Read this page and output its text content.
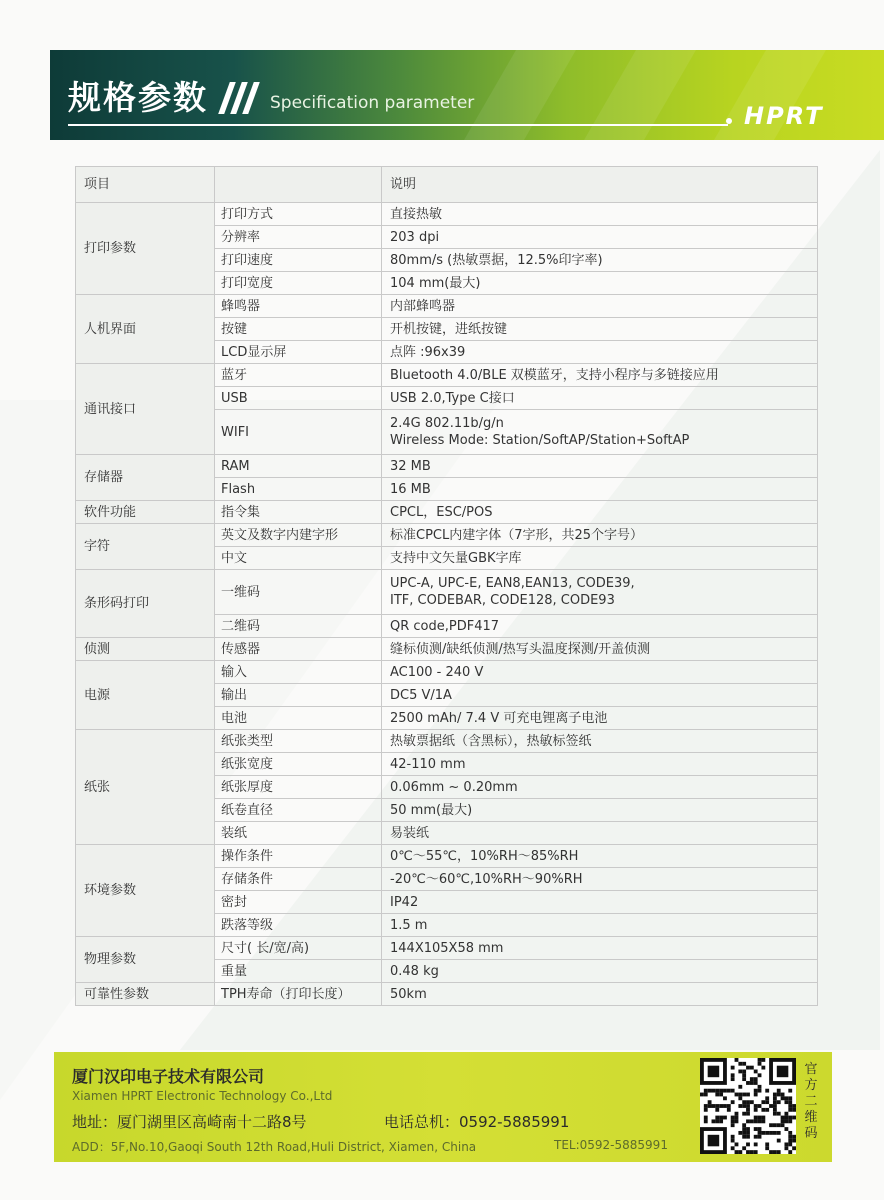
规格参数	Specification parameter	HPRT
项目		说明
打印参数	打印方式	直接热敏

	分辨率	203 dpi

	打印速度	80mm/s (热敏票据，12.5%印字率)

	打印宽度	104 mm(最大)

人机界面	蜂鸣器	内部蜂鸣器

	按键	开机按键，进纸按键

	LCD显示屏	点阵 :96x39

通讯接口	蓝牙	Bluetooth 4.0/BLE 双模蓝牙，支持小程序与多链接应用

	USB	USB 2.0,Type C接口

	WIFI	2.4G 802.11b/g/n
Wireless Mode: Station/SoftAP/Station+SoftAP

存储器	RAM	32 MB

	Flash	16 MB

软件功能	指令集	CPCL，ESC/POS

字符	英文及数字内建字形	标准CPCL内建字体（7字形，共25个字号）

	中文	支持中文矢量GBK字库

条形码打印	一维码	UPC-A, UPC-E, EAN8,EAN13, CODE39,
ITF, CODEBAR, CODE128, CODE93

	二维码	QR code,PDF417

侦测	传感器	缝标侦测/缺纸侦测/热写头温度探测/开盖侦测

电源	输入	AC100 - 240 V

	输出	DC5 V/1A

	电池	2500 mAh/ 7.4 V 可充电锂离子电池

纸张	纸张类型	热敏票据纸（含黑标），热敏标签纸

	纸张宽度	42-110 mm

	纸张厚度	0.06mm ~ 0.20mm

	纸卷直径	50 mm(最大)

	装纸	易装纸

环境参数	操作条件	0℃～55℃，10%RH～85%RH

	存储条件	-20℃～60℃,10%RH～90%RH

	密封	IP42

	跌落等级	1.5 m

物理参数	尺寸( 长/宽/高)	144X105X58 mm

	重量	0.48 kg

可靠性参数	TPH寿命（打印长度）	50km
厦门汉印电子技术有限公司
Xiamen HPRT Electronic Technology Co.,Ltd
地址：厦门湖里区高崎南十二路8号	电话总机：0592-5885991
ADD：5F,No.10,Gaoqi South 12th Road,Huli District, Xiamen, China	TEL:0592-5885991
官方二维码
